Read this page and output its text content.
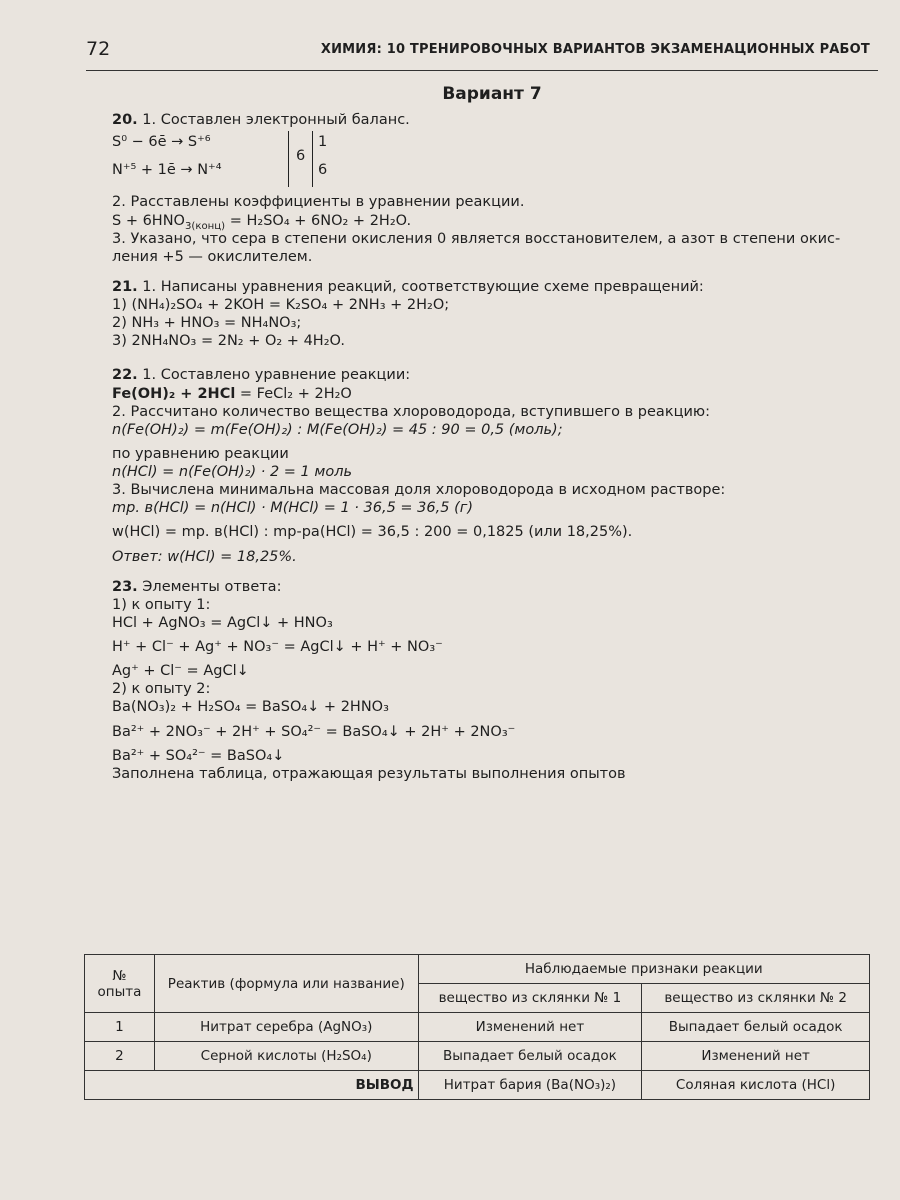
72	ХИМИЯ: 10 ТРЕНИРОВОЧНЫХ ВАРИАНТОВ ЭКЗАМЕНАЦИОННЫХ РАБОТ
Вариант 7

20. 1. Составлен электронный баланс.

S⁰ − 6ē → S⁺⁶
N⁺⁵ + 1ē → N⁺⁴
6
1
6

2. Расставлены коэффициенты в уравнении реакции.

$S + 6HNO_{3(конц)} = H_2SO_4 + 6NO_2 + 2H_2O$.

3. Указано, что сера в степени окисления 0 является восстановителем, а азот в степени окис-

ления +5 — окислителем.

21. 1. Написаны уравнения реакций, соответствующие схеме превращений:

1) (NH₄)₂SO₄ + 2KOH = K₂SO₄ + 2NH₃ + 2H₂O;

2) NH₃ + HNO₃ = NH₄NO₃;

3) 2NH₄NO₃ = 2N₂ + O₂ + 4H₂O.

22. 1. Составлено уравнение реакции:

Fe(OH)₂ + 2HCl = FeCl₂ + 2H₂O

2. Рассчитано количество вещества хлороводорода, вступившего в реакцию:

n(Fe(OH)₂) = m(Fe(OH)₂) : M(Fe(OH)₂) = 45 : 90 = 0,5 (моль);

по уравнению реакции

n(HCl) = n(Fe(OH)₂) · 2 = 1 моль

3. Вычислена минимальна массовая доля хлороводорода в исходном растворе:

mр. в(HCl) = n(HCl) · M(HCl) = 1 · 36,5 = 36,5 (г)

w(HCl) = mр. в(HCl) : mр-ра(HCl) = 36,5 : 200 = 0,1825 (или 18,25%).

Ответ: w(HCl) = 18,25%.

23. Элементы ответа:

1) к опыту 1:

HCl + AgNO₃ = AgCl↓ + HNO₃

H⁺ + Cl⁻ + Ag⁺ + NO₃⁻ = AgCl↓ + H⁺ + NO₃⁻

Ag⁺ + Cl⁻ = AgCl↓

2) к опыту 2:

Ba(NO₃)₂ + H₂SO₄ = BaSO₄↓ + 2HNO₃

Ba²⁺ + 2NO₃⁻ + 2H⁺ + SO₄²⁻ = BaSO₄↓ + 2H⁺ + 2NO₃⁻

Ba²⁺ + SO₄²⁻ = BaSO₄↓

Заполнена таблица, отражающая результаты выполнения опытов

№ опыта	Реактив (формула или название)	Наблюдаемые признаки реакции	
		вещество из склянки № 1	вещество из склянки № 2
1	Нитрат серебра (AgNO₃)	Изменений нет	Выпадает белый осадок
2	Серной кислоты (H₂SO₄)	Выпадает белый осадок	Изменений нет
ВЫВОД		Нитрат бария (Ba(NO₃)₂)	Соляная кислота (HCl)
